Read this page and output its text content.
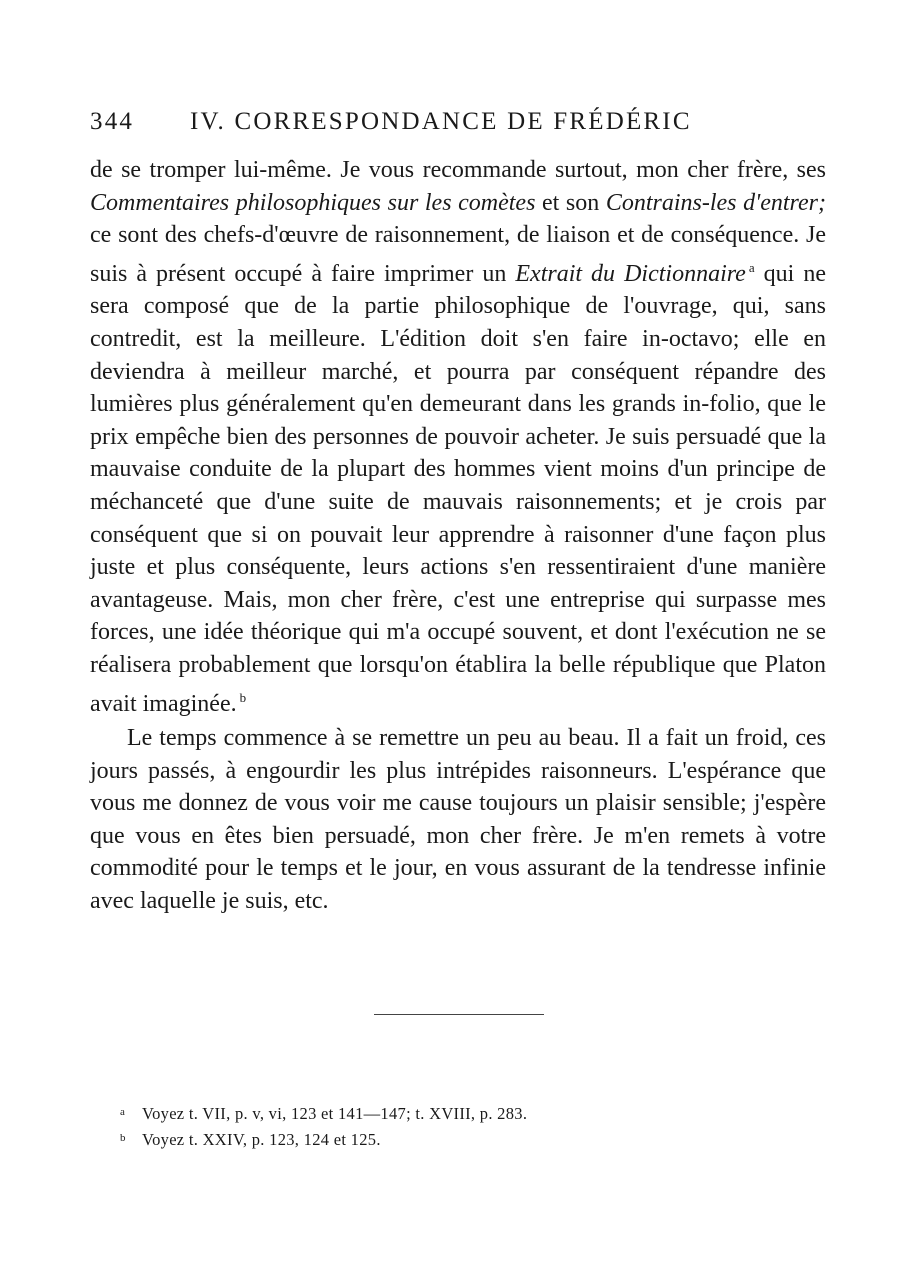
344 IV. CORRESPONDANCE DE FRÉDÉRIC

de se tromper lui-même. Je vous recommande surtout, mon cher frère, ses Commentaires philosophiques sur les comètes et son Contrains-les d'entrer; ce sont des chefs-d'œuvre de raisonnement, de liaison et de conséquence. Je suis à présent occupé à faire imprimer un Extrait du Dictionnaire $^a$ qui ne sera composé que de la partie philosophique de l'ouvrage, qui, sans contredit, est la meilleure. L'édition doit s'en faire in-octavo; elle en deviendra à meilleur marché, et pourra par conséquent répandre des lumières plus généralement qu'en demeurant dans les grands in-folio, que le prix empêche bien des personnes de pouvoir acheter. Je suis persuadé que la mauvaise conduite de la plupart des hommes vient moins d'un principe de méchanceté que d'une suite de mauvais raisonnements; et je crois par conséquent que si on pouvait leur apprendre à raisonner d'une façon plus juste et plus conséquente, leurs actions s'en ressentiraient d'une manière avantageuse. Mais, mon cher frère, c'est une entreprise qui surpasse mes forces, une idée théorique qui m'a occupé souvent, et dont l'exécution ne se réalisera probablement que lorsqu'on établira la belle république que Platon avait imaginée. $^b$

Le temps commence à se remettre un peu au beau. Il a fait un froid, ces jours passés, à engourdir les plus intrépides raisonneurs. L'espérance que vous me donnez de vous voir me cause toujours un plaisir sensible; j'espère que vous en êtes bien persuadé, mon cher frère. Je m'en remets à votre commodité pour le temps et le jour, en vous assurant de la tendresse infinie avec laquelle je suis, etc.

a Voyez t. VII, p. v, vi, 123 et 141—147; t. XVIII, p. 283.
b Voyez t. XXIV, p. 123, 124 et 125.
